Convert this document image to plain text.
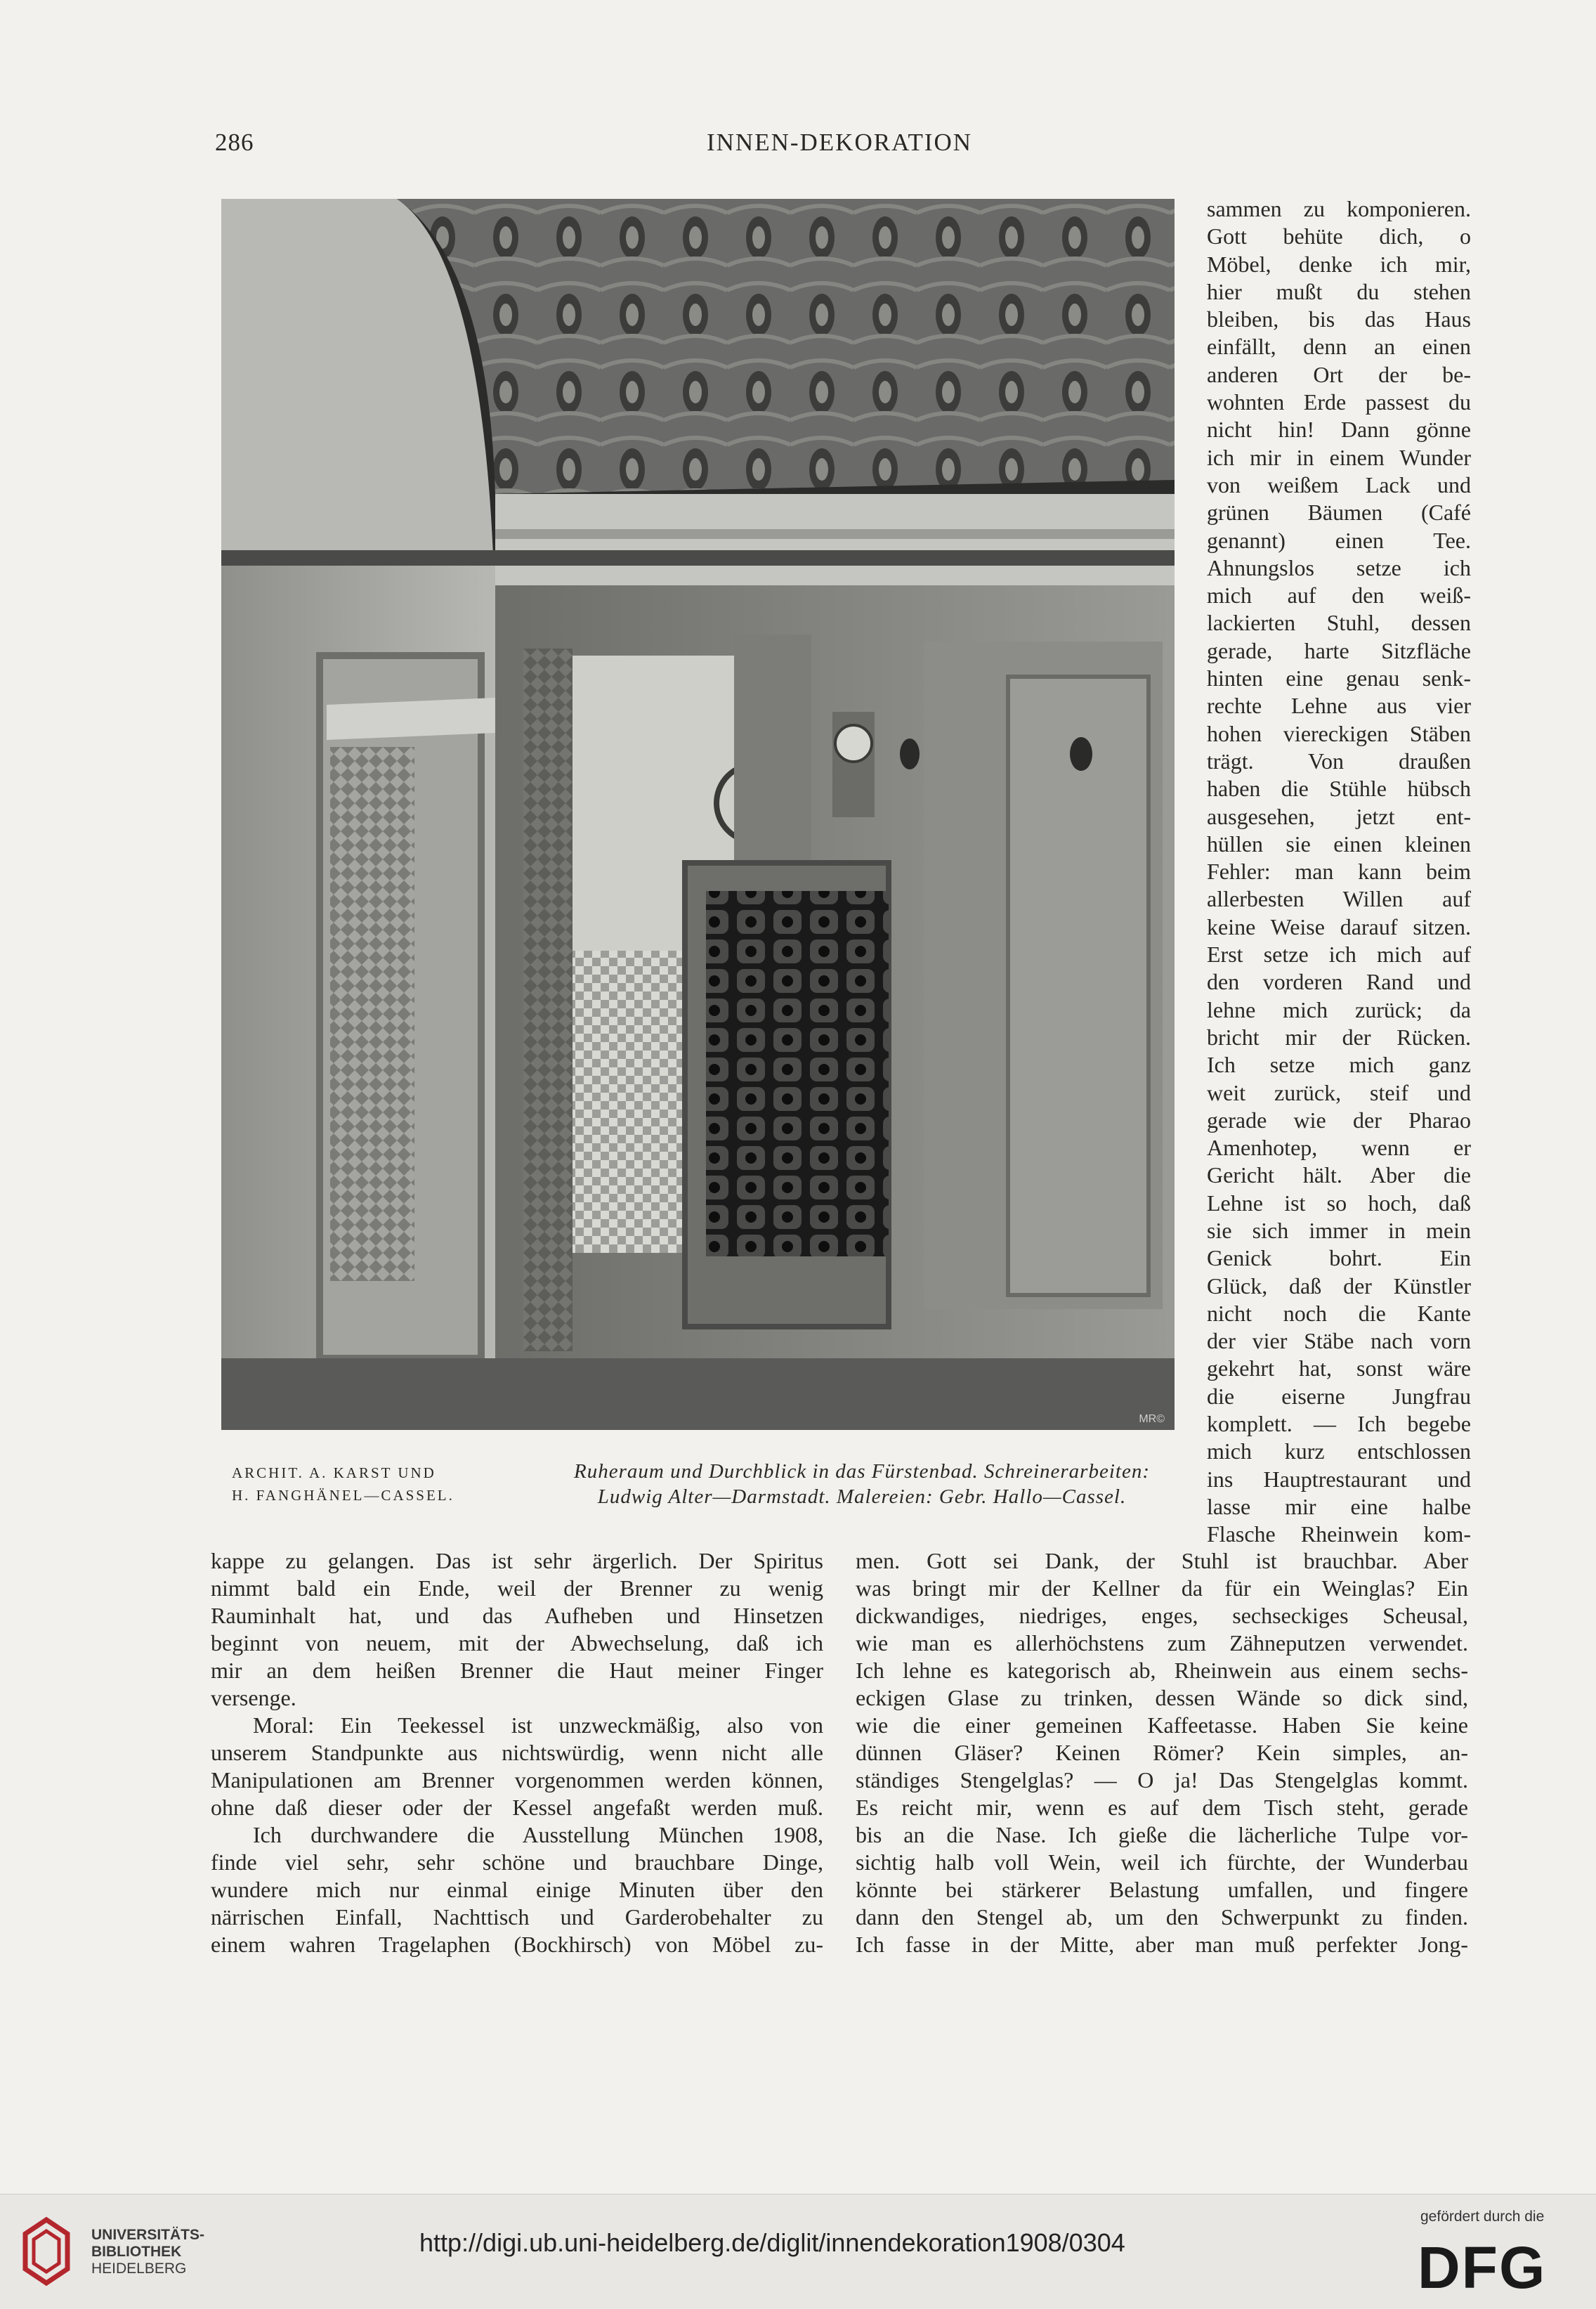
286	INNEN-DEKORATION
MR©
ARCHIT. A. KARST UND
H. FANGHÄNEL—CASSEL.
Ruheraum und Durchblick in das Fürstenbad. Schreinerarbeiten:
Ludwig Alter—Darmstadt. Malereien: Gebr. Hallo—Cassel.
sammen zu komponieren.
Gott behüte dich, o
Möbel, denke ich mir,
hier mußt du stehen
bleiben, bis das Haus
einfällt, denn an einen
anderen Ort der be-
wohnten Erde passest du
nicht hin! Dann gönne
ich mir in einem Wunder
von weißem Lack und
grünen Bäumen (Café
genannt) einen Tee.
Ahnungslos setze ich
mich auf den weiß-
lackierten Stuhl, dessen
gerade, harte Sitzfläche
hinten eine genau senk-
rechte Lehne aus vier
hohen viereckigen Stäben
trägt. Von draußen
haben die Stühle hübsch
ausgesehen, jetzt ent-
hüllen sie einen kleinen
Fehler: man kann beim
allerbesten Willen auf
keine Weise darauf sitzen.
Erst setze ich mich auf
den vorderen Rand und
lehne mich zurück; da
bricht mir der Rücken.
Ich setze mich ganz
weit zurück, steif und
gerade wie der Pharao
Amenhotep, wenn er
Gericht hält. Aber die
Lehne ist so hoch, daß
sie sich immer in mein
Genick bohrt. Ein
Glück, daß der Künstler
nicht noch die Kante
der vier Stäbe nach vorn
gekehrt hat, sonst wäre
die eiserne Jungfrau
komplett. — Ich begebe
mich kurz entschlossen
ins Hauptrestaurant und
lasse mir eine halbe
Flasche Rheinwein kom-
kappe zu gelangen. Das ist sehr ärgerlich. Der Spiritus
nimmt bald ein Ende, weil der Brenner zu wenig
Rauminhalt hat, und das Aufheben und Hinsetzen
beginnt von neuem, mit der Abwechselung, daß ich
mir an dem heißen Brenner die Haut meiner Finger
versenge.
Moral: Ein Teekessel ist unzweckmäßig, also von
unserem Standpunkte aus nichtswürdig, wenn nicht alle
Manipulationen am Brenner vorgenommen werden können,
ohne daß dieser oder der Kessel angefaßt werden muß.
Ich durchwandere die Ausstellung München 1908,
finde viel sehr, sehr schöne und brauchbare Dinge,
wundere mich nur einmal einige Minuten über den
närrischen Einfall, Nachttisch und Garderobehalter zu
einem wahren Tragelaphen (Bockhirsch) von Möbel zu-
men. Gott sei Dank, der Stuhl ist brauchbar. Aber
was bringt mir der Kellner da für ein Weinglas? Ein
dickwandiges, niedriges, enges, sechseckiges Scheusal,
wie man es allerhöchstens zum Zähneputzen verwendet.
Ich lehne es kategorisch ab, Rheinwein aus einem sechs-
eckigen Glase zu trinken, dessen Wände so dick sind,
wie die einer gemeinen Kaffeetasse. Haben Sie keine
dünnen Gläser? Keinen Römer? Kein simples, an-
ständiges Stengelglas? — O ja! Das Stengelglas kommt.
Es reicht mir, wenn es auf dem Tisch steht, gerade
bis an die Nase. Ich gieße die lächerliche Tulpe vor-
sichtig halb voll Wein, weil ich fürchte, der Wunderbau
könnte bei stärkerer Belastung umfallen, und fingere
dann den Stengel ab, um den Schwerpunkt zu finden.
Ich fasse in der Mitte, aber man muß perfekter Jong-
UNIVERSITÄTS-
BIBLIOTHEK
HEIDELBERG
http://digi.ub.uni-heidelberg.de/diglit/innendekoration1908/0304
gefördert durch die
DFG
